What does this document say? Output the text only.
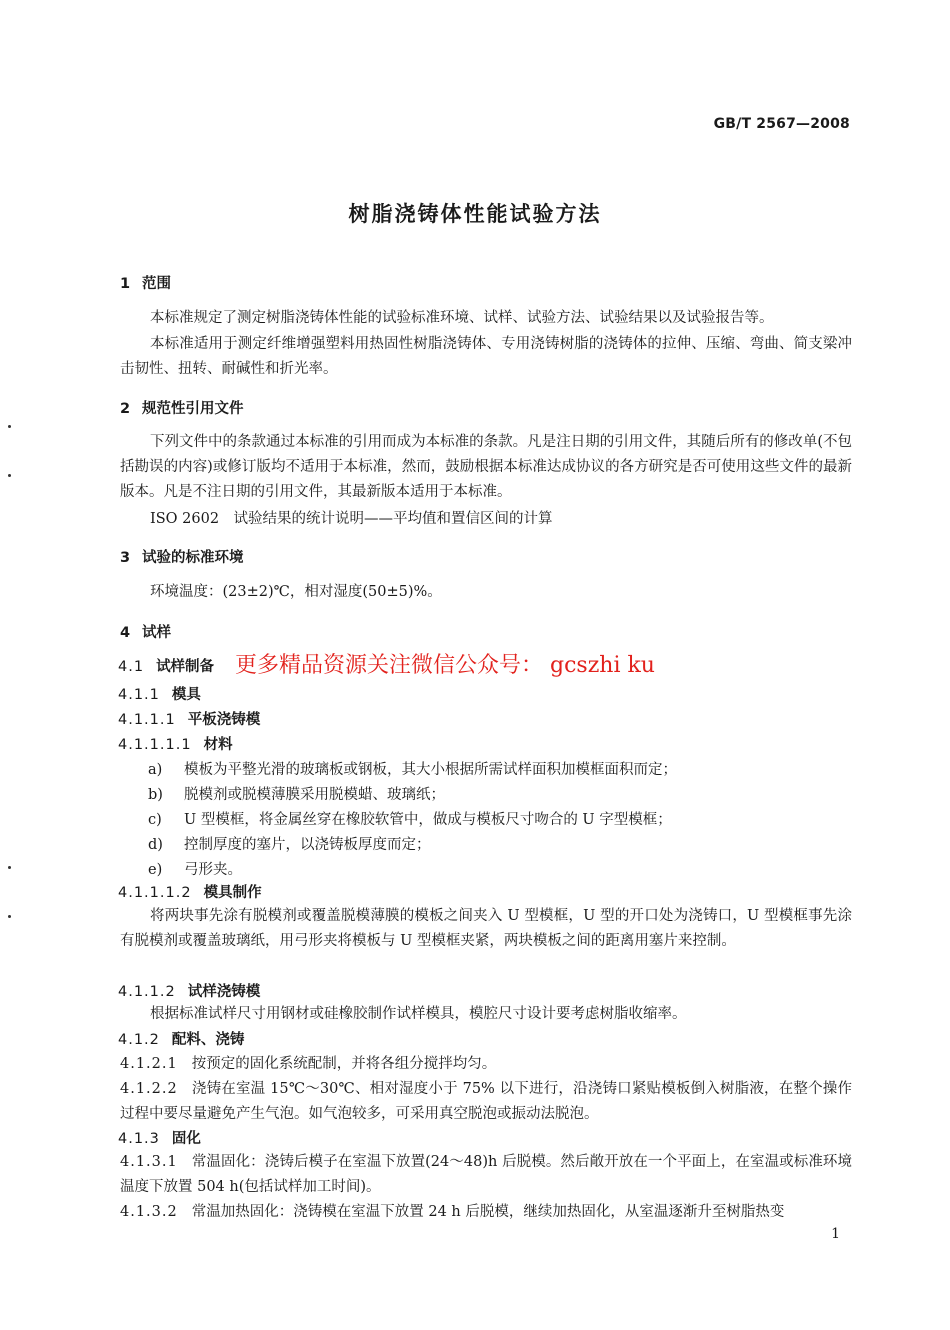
GB/T 2567—2008
树脂浇铸体性能试验方法
1 范围
本标准规定了测定树脂浇铸体性能的试验标准环境、试样、试验方法、试验结果以及试验报告等。
本标准适用于测定纤维增强塑料用热固性树脂浇铸体、专用浇铸树脂的浇铸体的拉伸、压缩、弯曲、简支梁冲击韧性、扭转、耐碱性和折光率。
2 规范性引用文件
下列文件中的条款通过本标准的引用而成为本标准的条款。凡是注日期的引用文件，其随后所有的修改单(不包括勘误的内容)或修订版均不适用于本标准，然而，鼓励根据本标准达成协议的各方研究是否可使用这些文件的最新版本。凡是不注日期的引用文件，其最新版本适用于本标准。
ISO 2602　试验结果的统计说明——平均值和置信区间的计算
3 试验的标准环境
环境温度：(23±2)℃，相对湿度(50±5)%。
4 试样
4.1 试样制备 更多精品资源关注微信公众号： gcszhi ku
4.1.1 模具
4.1.1.1 平板浇铸模
4.1.1.1.1 材料
a) 模板为平整光滑的玻璃板或钢板，其大小根据所需试样面积加模框面积而定；
b) 脱模剂或脱模薄膜采用脱模蜡、玻璃纸；
c) U 型模框，将金属丝穿在橡胶软管中，做成与模板尺寸吻合的 U 字型模框；
d) 控制厚度的塞片，以浇铸板厚度而定；
e) 弓形夹。
4.1.1.1.2 模具制作
将两块事先涂有脱模剂或覆盖脱模薄膜的模板之间夹入 U 型模框，U 型的开口处为浇铸口，U 型模框事先涂有脱模剂或覆盖玻璃纸，用弓形夹将模板与 U 型模框夹紧，两块模板之间的距离用塞片来控制。
4.1.1.2 试样浇铸模
根据标准试样尺寸用钢材或硅橡胶制作试样模具，模腔尺寸设计要考虑树脂收缩率。
4.1.2 配料、浇铸
4.1.2.1 按预定的固化系统配制，并将各组分搅拌均匀。
4.1.2.2 浇铸在室温 15℃～30℃、相对湿度小于 75% 以下进行，沿浇铸口紧贴模板倒入树脂液，在整个操作过程中要尽量避免产生气泡。如气泡较多，可采用真空脱泡或振动法脱泡。
4.1.3 固化
4.1.3.1 常温固化：浇铸后模子在室温下放置(24～48)h 后脱模。然后敞开放在一个平面上，在室温或标准环境温度下放置 504 h(包括试样加工时间)。
4.1.3.2 常温加热固化：浇铸模在室温下放置 24 h 后脱模，继续加热固化，从室温逐渐升至树脂热变
1
